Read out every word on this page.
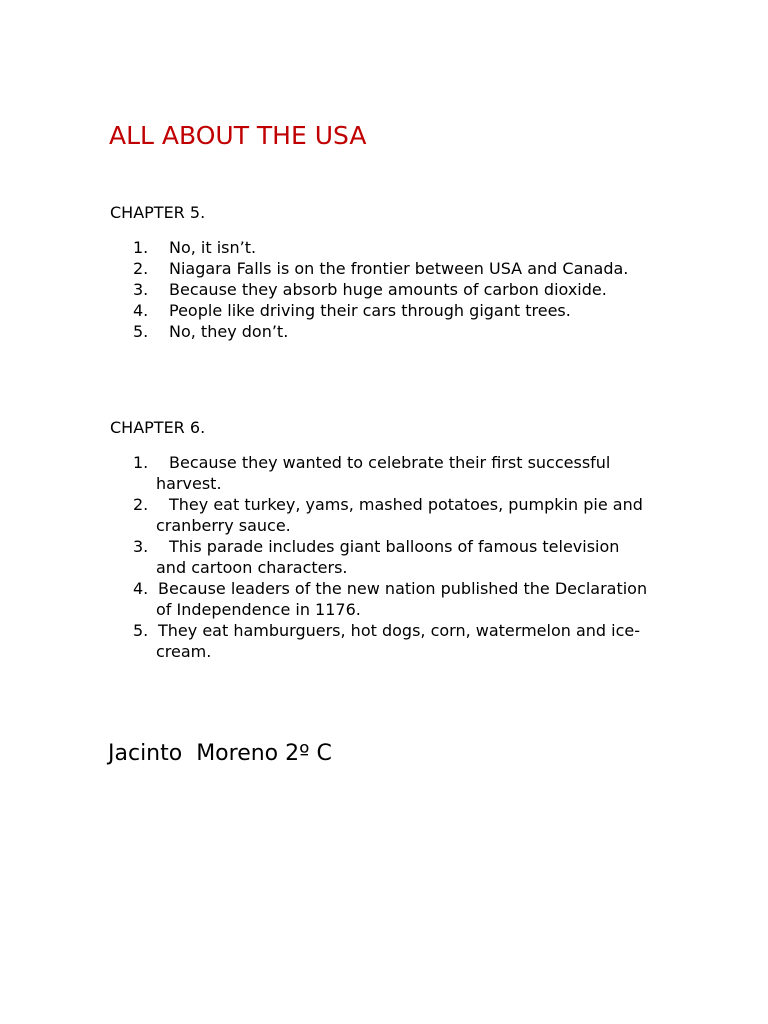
ALL ABOUT THE USA
CHAPTER 5.
1. No, it isn’t.
2. Niagara Falls is on the frontier between USA and Canada.
3. Because they absorb huge amounts of carbon dioxide.
4. People like driving their cars through gigant trees.
5. No, they don’t.
CHAPTER 6.
1. Because they wanted to celebrate their first successful harvest.
2. They eat turkey, yams, mashed potatoes, pumpkin pie and cranberry sauce.
3. This parade includes giant balloons of famous television and cartoon characters.
4. Because leaders of the new nation published the Declaration of Independence in 1176.
5. They eat hamburguers, hot dogs, corn, watermelon and ice-cream.
Jacinto  Moreno 2º C
